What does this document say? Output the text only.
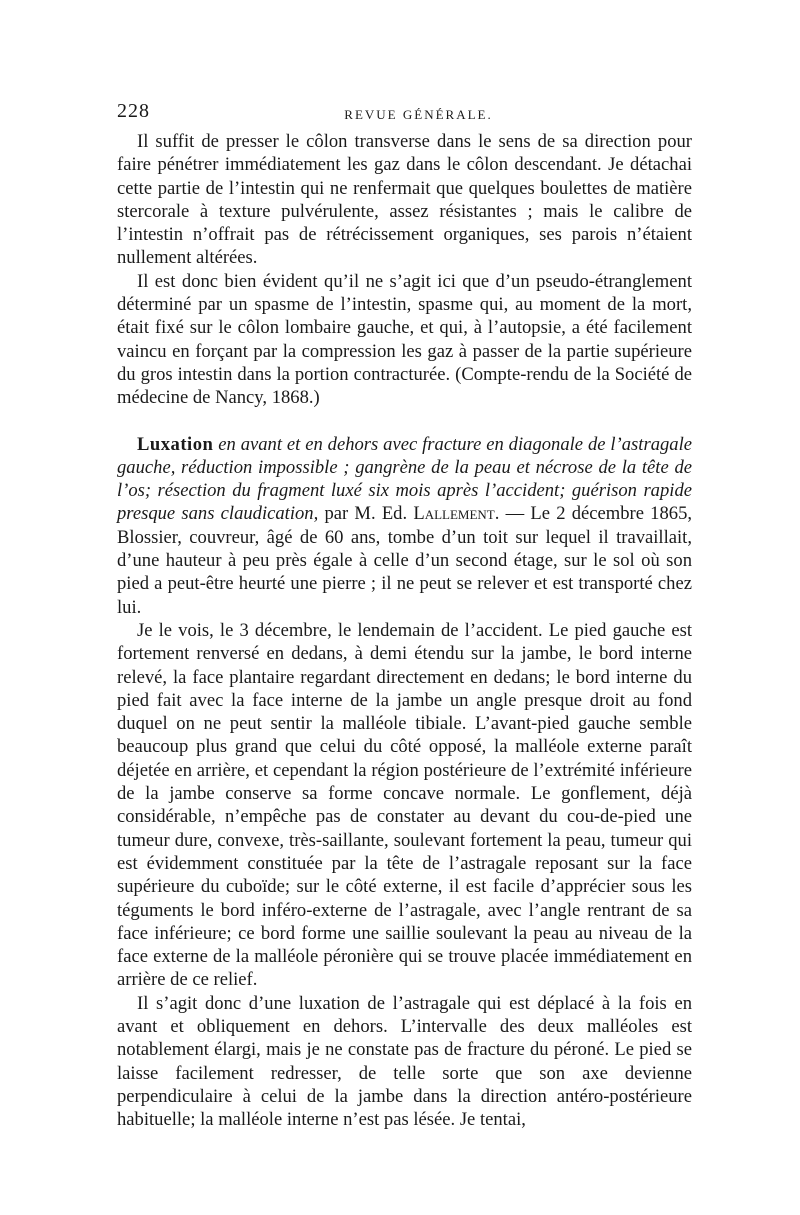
228	REVUE GÉNÉRALE.

Il suffit de presser le côlon transverse dans le sens de sa direction pour faire pénétrer immédiatement les gaz dans le côlon descendant. Je détachai cette partie de l’intestin qui ne renfermait que quelques boulettes de matière stercorale à texture pulvérulente, assez résistantes ; mais le calibre de l’intestin n’offrait pas de rétrécissement organiques, ses parois n’étaient nullement altérées.

Il est donc bien évident qu’il ne s’agit ici que d’un pseudo-étranglement déterminé par un spasme de l’intestin, spasme qui, au moment de la mort, était fixé sur le côlon lombaire gauche, et qui, à l’autopsie, a été facilement vaincu en forçant par la compression les gaz à passer de la partie supérieure du gros intestin dans la portion contracturée. (Compte-rendu de la Société de médecine de Nancy, 1868.)

Luxation en avant et en dehors avec fracture en diagonale de l’astragale gauche, réduction impossible ; gangrène de la peau et nécrose de la tête de l’os; résection du fragment luxé six mois après l’accident; guérison rapide presque sans claudication, par M. Ed. Lallement. — Le 2 décembre 1865, Blossier, couvreur, âgé de 60 ans, tombe d’un toit sur lequel il travaillait, d’une hauteur à peu près égale à celle d’un second étage, sur le sol où son pied a peut-être heurté une pierre ; il ne peut se relever et est transporté chez lui.

Je le vois, le 3 décembre, le lendemain de l’accident. Le pied gauche est fortement renversé en dedans, à demi étendu sur la jambe, le bord interne relevé, la face plantaire regardant directement en dedans; le bord interne du pied fait avec la face interne de la jambe un angle presque droit au fond duquel on ne peut sentir la malléole tibiale. L’avant-pied gauche semble beaucoup plus grand que celui du côté opposé, la malléole externe paraît déjetée en arrière, et cependant la région postérieure de l’extrémité inférieure de la jambe conserve sa forme concave normale. Le gonflement, déjà considérable, n’empêche pas de constater au devant du cou-de-pied une tumeur dure, convexe, très-saillante, soulevant fortement la peau, tumeur qui est évidemment constituée par la tête de l’astragale reposant sur la face supérieure du cuboïde; sur le côté externe, il est facile d’apprécier sous les téguments le bord inféro-externe de l’astragale, avec l’angle rentrant de sa face inférieure; ce bord forme une saillie soulevant la peau au niveau de la face externe de la malléole péronière qui se trouve placée immédiatement en arrière de ce relief.

Il s’agit donc d’une luxation de l’astragale qui est déplacé à la fois en avant et obliquement en dehors. L’intervalle des deux malléoles est notablement élargi, mais je ne constate pas de fracture du péroné. Le pied se laisse facilement redresser, de telle sorte que son axe devienne perpendiculaire à celui de la jambe dans la direction antéro-postérieure habituelle; la malléole interne n’est pas lésée. Je tentai,
